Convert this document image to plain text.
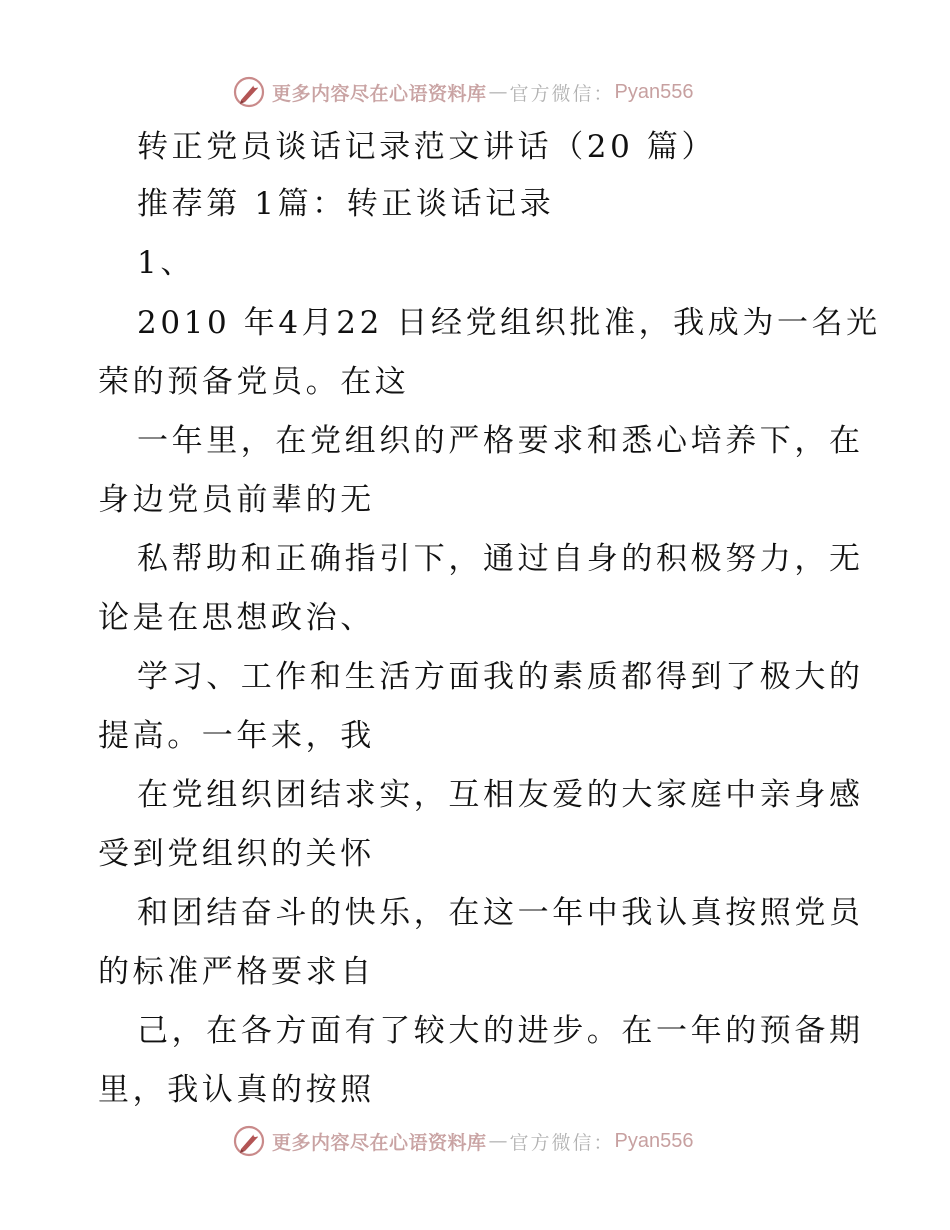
更多内容尽在心语资料库 — 官方微信： Pyan556
转正党员谈话记录范文讲话（20 篇）
推荐第 1篇：转正谈话记录
1、
2010 年4月22 日经党组织批准，我成为一名光
荣的预备党员。在这
一年里，在党组织的严格要求和悉心培养下，在
身边党员前辈的无
私帮助和正确指引下，通过自身的积极努力，无
论是在思想政治、
学习、工作和生活方面我的素质都得到了极大的
提高。一年来，我
在党组织团结求实，互相友爱的大家庭中亲身感
受到党组织的关怀
和团结奋斗的快乐，在这一年中我认真按照党员
的标准严格要求自
己，在各方面有了较大的进步。在一年的预备期
里，我认真的按照
更多内容尽在心语资料库 — 官方微信： Pyan556
